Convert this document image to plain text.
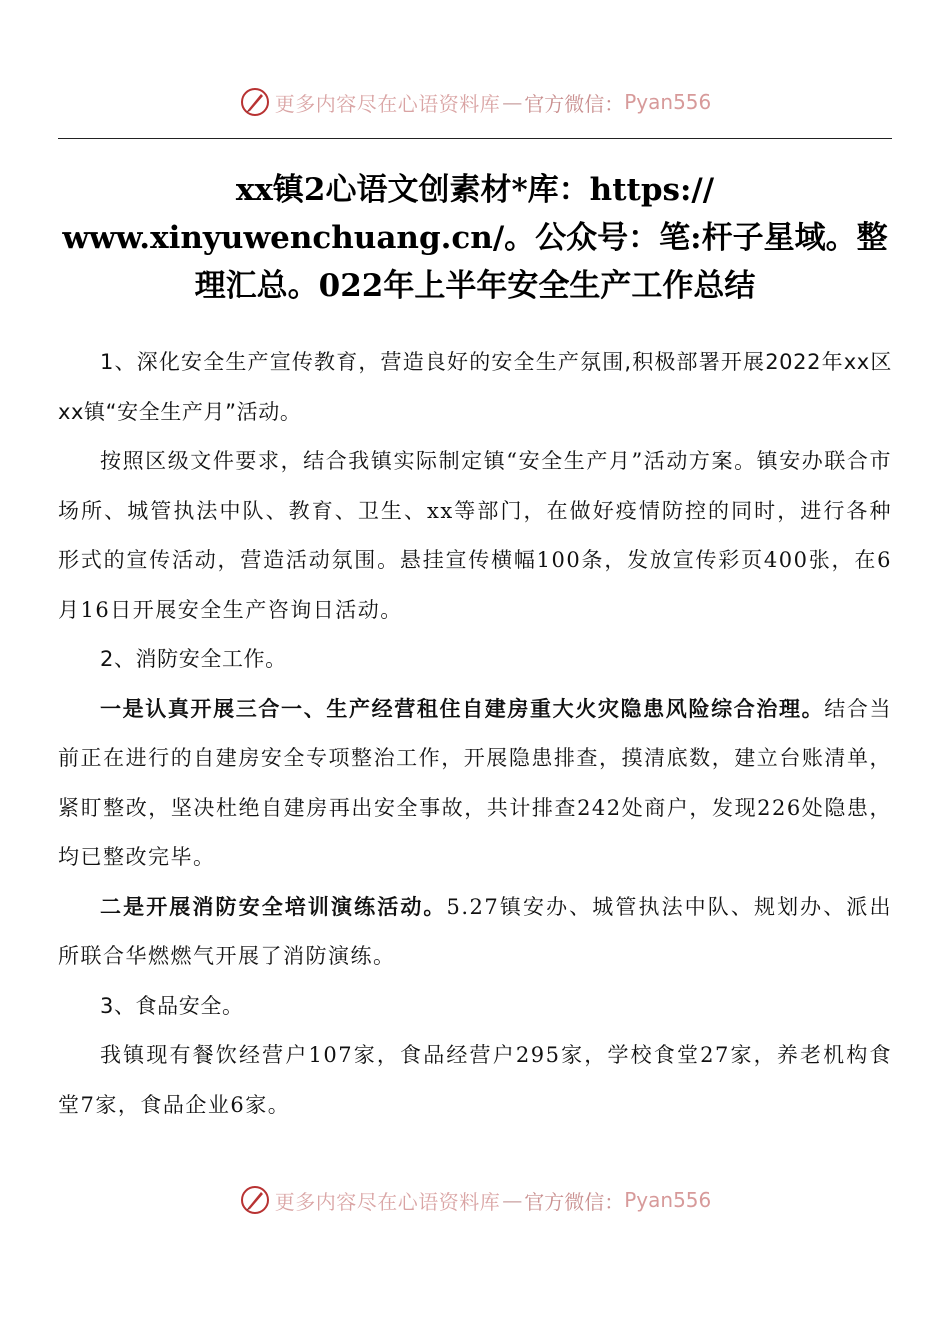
更多内容尽在心语资料库 — 官方微信： Pyan556
xx镇2心语文创素材*库：https:// www.xinyuwenchuang.cn/。公众号：笔:杆子星域。整理汇总。022年上半年安全生产工作总结

1、深化安全生产宣传教育，营造良好的安全生产氛围,积极部署开展2022年xx区xx镇“安全生产月”活动。

按照区级文件要求，结合我镇实际制定镇“安全生产月”活动方案。镇安办联合市场所、城管执法中队、教育、卫生、xx等部门，在做好疫情防控的同时，进行各种形式的宣传活动，营造活动氛围。悬挂宣传横幅100条，发放宣传彩页400张，在6月16日开展安全生产咨询日活动。

2、消防安全工作。

一是认真开展三合一、生产经营租住自建房重大火灾隐患风险综合治理。结合当前正在进行的自建房安全专项整治工作，开展隐患排查，摸清底数，建立台账清单，紧盯整改，坚决杜绝自建房再出安全事故，共计排查242处商户，发现226处隐患，均已整改完毕。

二是开展消防安全培训演练活动。5.27镇安办、城管执法中队、规划办、派出所联合华燃燃气开展了消防演练。

3、食品安全。

我镇现有餐饮经营户107家，食品经营户295家，学校食堂27家，养老机构食堂7家，食品企业6家。

更多内容尽在心语资料库 — 官方微信： Pyan556
